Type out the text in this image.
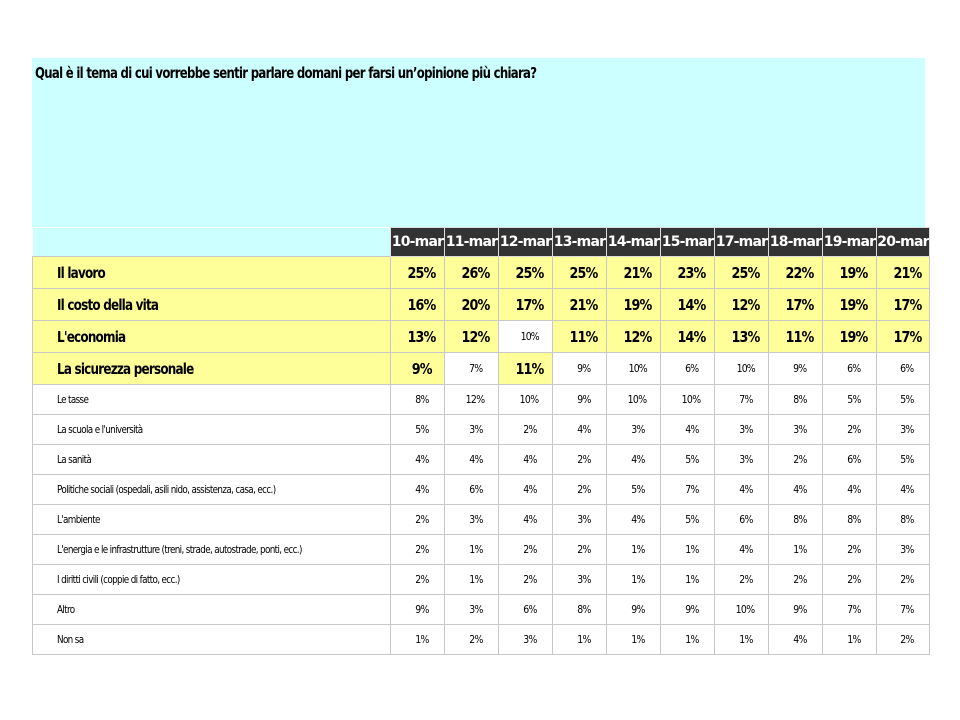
Qual è il tema di cui vorrebbe sentir parlare domani per farsi un’opinione più chiara?
	10-mar	11-mar	12-mar	13-mar	14-mar	15-mar	17-mar	18-mar	19-mar	20-mar
Il lavoro	25%	26%	25%	25%	21%	23%	25%	22%	19%	21%
Il costo della vita	16%	20%	17%	21%	19%	14%	12%	17%	19%	17%
L'economia	13%	12%	10%	11%	12%	14%	13%	11%	19%	17%
La sicurezza personale	9%	7%	11%	9%	10%	6%	10%	9%	6%	6%
Le tasse	8%	12%	10%	9%	10%	10%	7%	8%	5%	5%
La scuola e l'università	5%	3%	2%	4%	3%	4%	3%	3%	2%	3%
La sanità	4%	4%	4%	2%	4%	5%	3%	2%	6%	5%
Politiche sociali (ospedali, asili nido, assistenza, casa, ecc.)	4%	6%	4%	2%	5%	7%	4%	4%	4%	4%
L'ambiente	2%	3%	4%	3%	4%	5%	6%	8%	8%	8%
L'energia e le infrastrutture (treni, strade, autostrade, ponti, ecc.)	2%	1%	2%	2%	1%	1%	4%	1%	2%	3%
I diritti civili (coppie di fatto, ecc.)	2%	1%	2%	3%	1%	1%	2%	2%	2%	2%
Altro	9%	3%	6%	8%	9%	9%	10%	9%	7%	7%
Non sa	1%	2%	3%	1%	1%	1%	1%	4%	1%	2%
